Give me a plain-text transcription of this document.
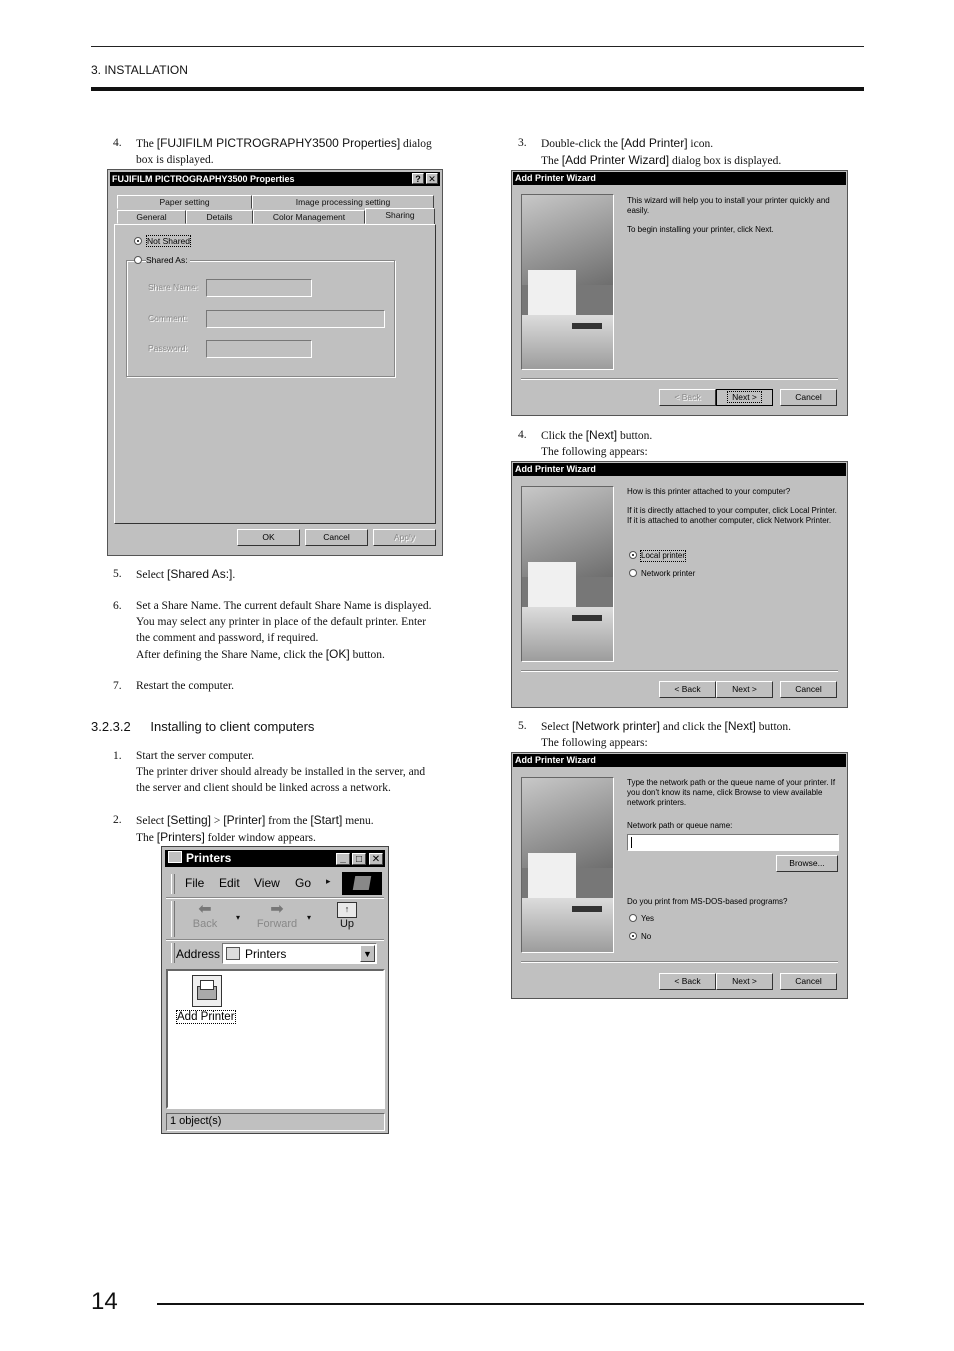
3. INSTALLATION
4. The [FUJIFILM PICTROGRAPHY3500 Properties] dialog
box is displayed.
FUJIFILM PICTROGRAPHY3500 Properties	? ✕
Paper setting	Image processing setting
General	Details	Color Management	Sharing
Not Shared
Shared As:
Share Name:
Comment:
Password:
OK	Cancel	Apply
5. Select [Shared As:].
6. Set a Share Name. The current default Share Name is displayed.
You may select any printer in place of the default printer. Enter
the comment and password, if required.
After defining the Share Name, click the [OK] button.
7. Restart the computer.
3.2.3.2 Installing to client computers
1. Start the server computer.
The printer driver should already be installed in the server, and
the server and client should be linked across a network.
2. Select [Setting] > [Printer] from the [Start] menu.
The [Printers] folder window appears.
Printers	_	□ ✕
File Edit View Go ▸
⬅
Back
▾	➡
Forward
▾
↑
Up
Address Printers	▼
Add Printer
1 object(s)
3. Double-click the [Add Printer] icon.
The [Add Printer Wizard] dialog box is displayed.
Add Printer Wizard
This wizard will help you to install your printer quickly and easily.
To begin installing your printer, click Next.
< Back	Next >	Cancel
4. Click the [Next] button.
The following appears:
Add Printer Wizard
How is this printer attached to your computer?
If it is directly attached to your computer, click Local Printer. If it is attached to another computer, click Network Printer.
Local printer
Network printer
< Back	Next >	Cancel
5. Select [Network printer] and click the [Next] button.
The following appears:
Add Printer Wizard
Type the network path or the queue name of your printer. If you don't know its name, click Browse to view available network printers.
Network path or queue name:
Browse...
Do you print from MS-DOS-based programs?
Yes
No
< Back	Next >	Cancel
14
